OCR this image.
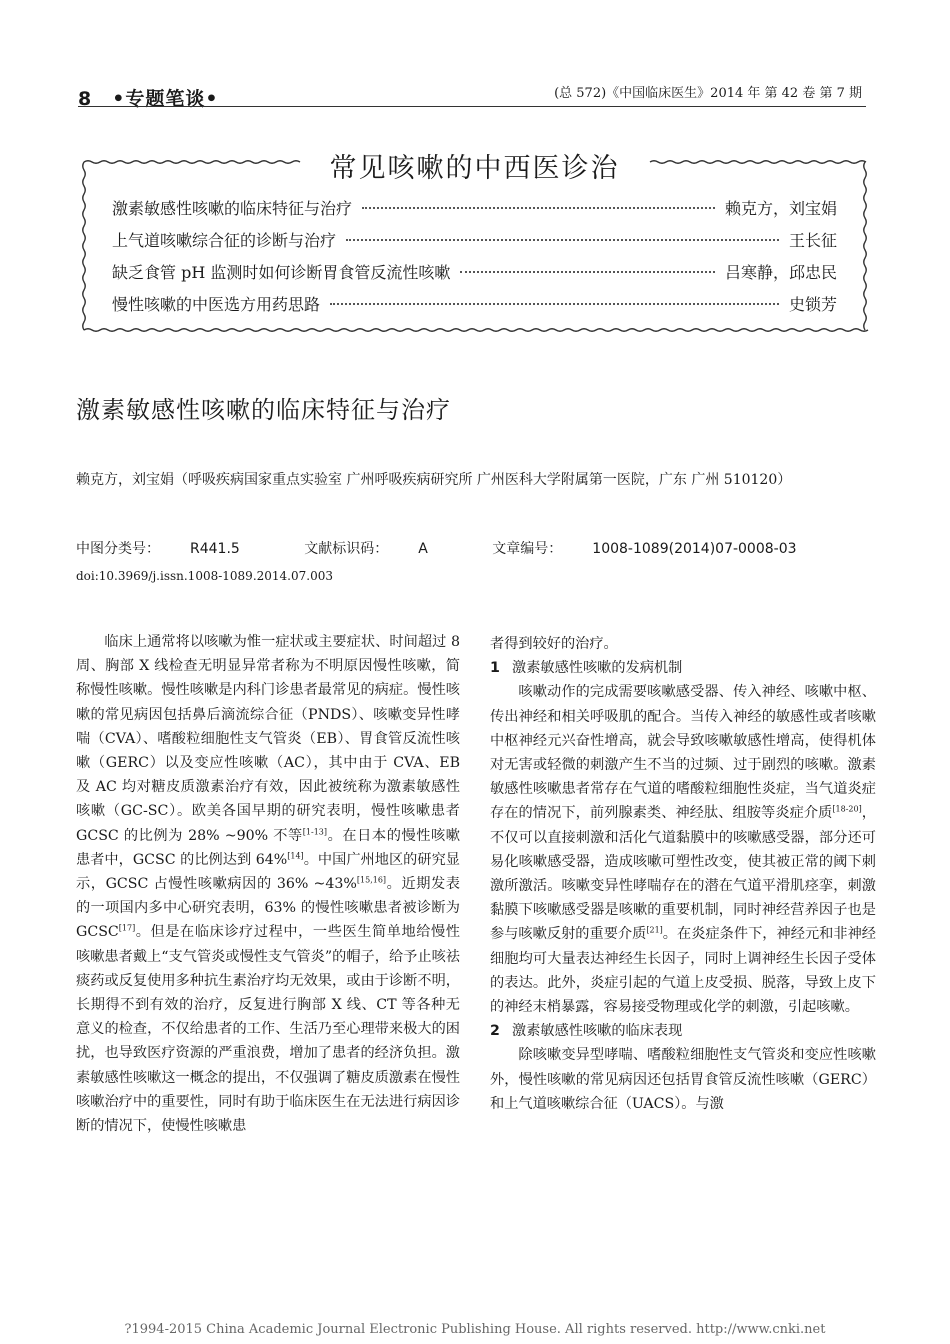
8 •专题笔谈•	(总 572)《中国临床医生》2014 年 第 42 卷 第 7 期
常见咳嗽的中西医诊治
激素敏感性咳嗽的临床特征与治疗	赖克方，刘宝娟
上气道咳嗽综合征的诊断与治疗	王长征
缺乏食管 pH 监测时如何诊断胃食管反流性咳嗽	吕寒静，邱忠民
慢性咳嗽的中医选方用药思路	史锁芳
激素敏感性咳嗽的临床特征与治疗
赖克方，刘宝娟（呼吸疾病国家重点实验室 广州呼吸疾病研究所 广州医科大学附属第一医院，广东 广州 510120）
中图分类号： R441.5	文献标识码： A	文章编号： 1008-1089(2014)07-0008-03
doi:10.3969/j.issn.1008-1089.2014.07.003

临床上通常将以咳嗽为惟一症状或主要症状、时间超过 8 周、胸部 X 线检查无明显异常者称为不明原因慢性咳嗽，简称慢性咳嗽。慢性咳嗽是内科门诊患者最常见的病症。慢性咳嗽的常见病因包括鼻后滴流综合征（PNDS）、咳嗽变异性哮喘（CVA）、嗜酸粒细胞性支气管炎（EB）、胃食管反流性咳嗽（GERC）以及变应性咳嗽（AC），其中由于 CVA、EB 及 AC 均对糖皮质激素治疗有效，因此被统称为激素敏感性咳嗽（GC-SC）。欧美各国早期的研究表明，慢性咳嗽患者 GCSC 的比例为 28% ~90% 不等[1-13]。在日本的慢性咳嗽患者中，GCSC 的比例达到 64%[14]。中国广州地区的研究显示，GCSC 占慢性咳嗽病因的 36% ~43%[15,16]。近期发表的一项国内多中心研究表明，63% 的慢性咳嗽患者被诊断为 GCSC[17]。但是在临床诊疗过程中，一些医生简单地给慢性咳嗽患者戴上“支气管炎或慢性支气管炎”的帽子，给予止咳祛痰药或反复使用多种抗生素治疗均无效果，或由于诊断不明，长期得不到有效的治疗，反复进行胸部 X 线、CT 等各种无意义的检查，不仅给患者的工作、生活乃至心理带来极大的困扰，也导致医疗资源的严重浪费，增加了患者的经济负担。激素敏感性咳嗽这一概念的提出，不仅强调了糖皮质激素在慢性咳嗽治疗中的重要性，同时有助于临床医生在无法进行病因诊断的情况下，使慢性咳嗽患

者得到较好的治疗。

1 激素敏感性咳嗽的发病机制

咳嗽动作的完成需要咳嗽感受器、传入神经、咳嗽中枢、传出神经和相关呼吸肌的配合。当传入神经的敏感性或者咳嗽中枢神经元兴奋性增高，就会导致咳嗽敏感性增高，使得机体对无害或轻微的刺激产生不当的过频、过于剧烈的咳嗽。激素敏感性咳嗽患者常存在气道的嗜酸粒细胞性炎症，当气道炎症存在的情况下，前列腺素类、神经肽、组胺等炎症介质[18-20]，不仅可以直接刺激和活化气道黏膜中的咳嗽感受器，部分还可易化咳嗽感受器，造成咳嗽可塑性改变，使其被正常的阈下刺激所激活。咳嗽变异性哮喘存在的潜在气道平滑肌痉挛，刺激黏膜下咳嗽感受器是咳嗽的重要机制，同时神经营养因子也是参与咳嗽反射的重要介质[21]。在炎症条件下，神经元和非神经细胞均可大量表达神经生长因子，同时上调神经生长因子受体的表达。此外，炎症引起的气道上皮受损、脱落，导致上皮下的神经末梢暴露，容易接受物理或化学的刺激，引起咳嗽。

2 激素敏感性咳嗽的临床表现

除咳嗽变异型哮喘、嗜酸粒细胞性支气管炎和变应性咳嗽外，慢性咳嗽的常见病因还包括胃食管反流性咳嗽（GERC）和上气道咳嗽综合征（UACS）。与激

?1994-2015 China Academic Journal Electronic Publishing House. All rights reserved. http://www.cnki.net
